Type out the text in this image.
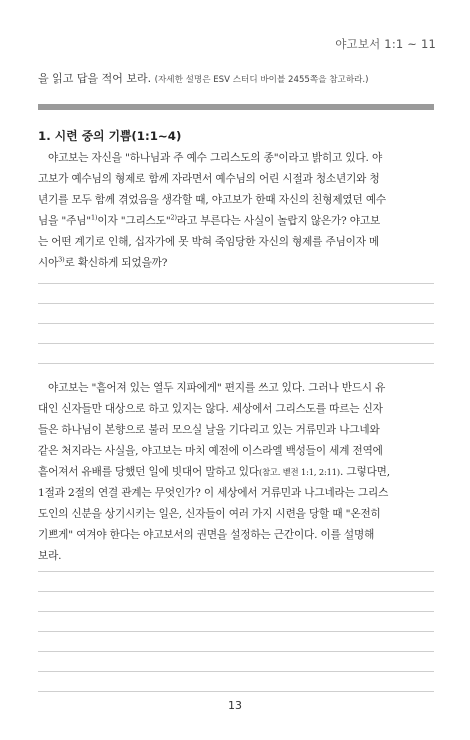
야고보서 1:1 ~ 11
을 읽고 답을 적어 보라. (자세한 설명은 ESV 스터디 바이블 2455쪽을 참고하라.)
1. 시련 중의 기쁨(1:1~4)
야고보는 자신을 "하나님과 주 예수 그리스도의 종"이라고 밝히고 있다. 야
고보가 예수님의 형제로 함께 자라면서 예수님의 어린 시절과 청소년기와 청
년기를 모두 함께 겪었음을 생각할 때, 야고보가 한때 자신의 친형제였던 예수
님을 "주님"$^{1)}$이자 "그리스도"$^{2)}$라고 부른다는 사실이 놀랍지 않은가? 야고보
는 어떤 계기로 인해, 십자가에 못 박혀 죽임당한 자신의 형제를 주님이자 메
시아$^{3)}$로 확신하게 되었을까?
야고보는 "흩어져 있는 열두 지파에게" 편지를 쓰고 있다. 그러나 반드시 유
대인 신자들만 대상으로 하고 있지는 않다. 세상에서 그리스도를 따르는 신자
들은 하나님이 본향으로 불러 모으실 날을 기다리고 있는 거류민과 나그네와
같은 처지라는 사실을, 야고보는 마치 예전에 이스라엘 백성들이 세계 전역에
흩어져서 유배를 당했던 일에 빗대어 말하고 있다(참고. 벧전 1:1, 2:11). 그렇다면,
1절과 2절의 연결 관계는 무엇인가? 이 세상에서 거류민과 나그네라는 그리스
도인의 신분을 상기시키는 일은, 신자들이 여러 가지 시련을 당할 때 "온전히
기쁘게" 여겨야 한다는 야고보서의 권면을 설정하는 근간이다. 이를 설명해
보라.
13
